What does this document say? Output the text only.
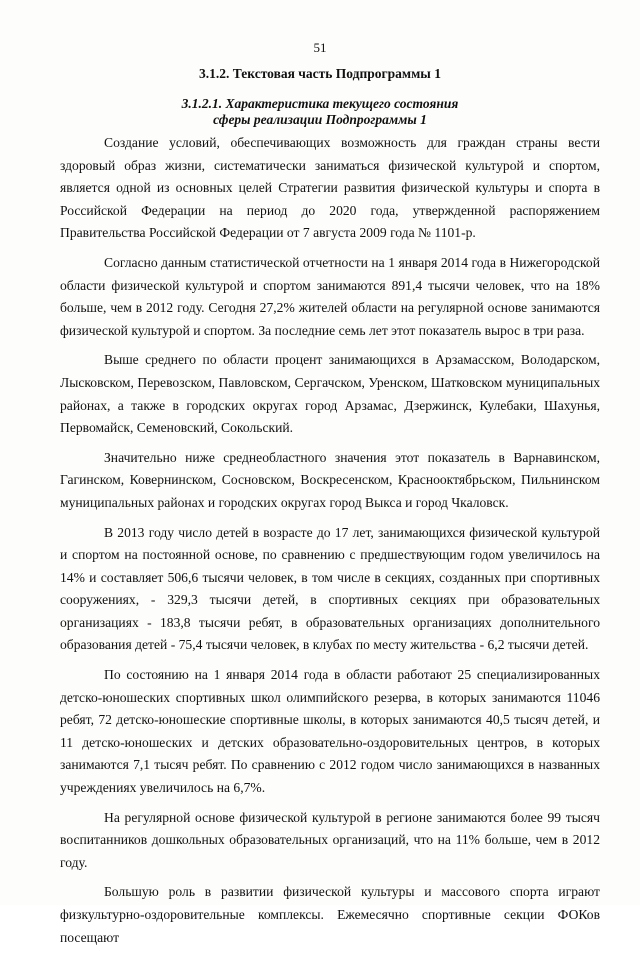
51
3.1.2. Текстовая часть Подпрограммы 1
3.1.2.1. Характеристика текущего состояния
сферы реализации Подпрограммы 1

Создание условий, обеспечивающих возможность для граждан страны вести здоровый образ жизни, систематически заниматься физической культурой и спортом, является одной из основных целей Стратегии развития физической культуры и спорта в Российской Федерации на период до 2020 года, утвержденной распоряжением Правительства Российской Федерации от 7 августа 2009 года № 1101-р.

Согласно данным статистической отчетности на 1 января 2014 года в Нижегородской области физической культурой и спортом занимаются 891,4 тысячи человек, что на 18% больше, чем в 2012 году. Сегодня 27,2% жителей области на регулярной основе занимаются физической культурой и спортом. За последние семь лет этот показатель вырос в три раза.

Выше среднего по области процент занимающихся в Арзамасском, Володарском, Лысковском, Перевозском, Павловском, Сергачском, Уренском, Шатковском муниципальных районах, а также в городских округах город Арзамас, Дзержинск, Кулебаки, Шахунья, Первомайск, Семеновский, Сокольский.

Значительно ниже среднеобластного значения этот показатель в Варнавинском, Гагинском, Ковернинском, Сосновском, Воскресенском, Краснооктябрьском, Пильнинском муниципальных районах и городских округах город Выкса и город Чкаловск.

В 2013 году число детей в возрасте до 17 лет, занимающихся физической культурой и спортом на постоянной основе, по сравнению с предшествующим годом увеличилось на 14% и составляет 506,6 тысячи человек, в том числе в секциях, созданных при спортивных сооружениях, - 329,3 тысячи детей, в спортивных секциях при образовательных организациях - 183,8 тысячи ребят, в образовательных организациях дополнительного образования детей - 75,4 тысячи человек, в клубах по месту жительства - 6,2 тысячи детей.

По состоянию на 1 января 2014 года в области работают 25 специализированных детско-юношеских спортивных школ олимпийского резерва, в которых занимаются 11046 ребят, 72 детско-юношеские спортивные школы, в которых занимаются 40,5 тысяч детей, и 11 детско-юношеских и детских образовательно-оздоровительных центров, в которых занимаются 7,1 тысяч ребят. По сравнению с 2012 годом число занимающихся в названных учреждениях увеличилось на 6,7%.

На регулярной основе физической культурой в регионе занимаются более 99 тысяч воспитанников дошкольных образовательных организаций, что на 11% больше, чем в 2012 году.

Большую роль в развитии физической культуры и массового спорта играют физкультурно-оздоровительные комплексы. Ежемесячно спортивные секции ФОКов посещают
